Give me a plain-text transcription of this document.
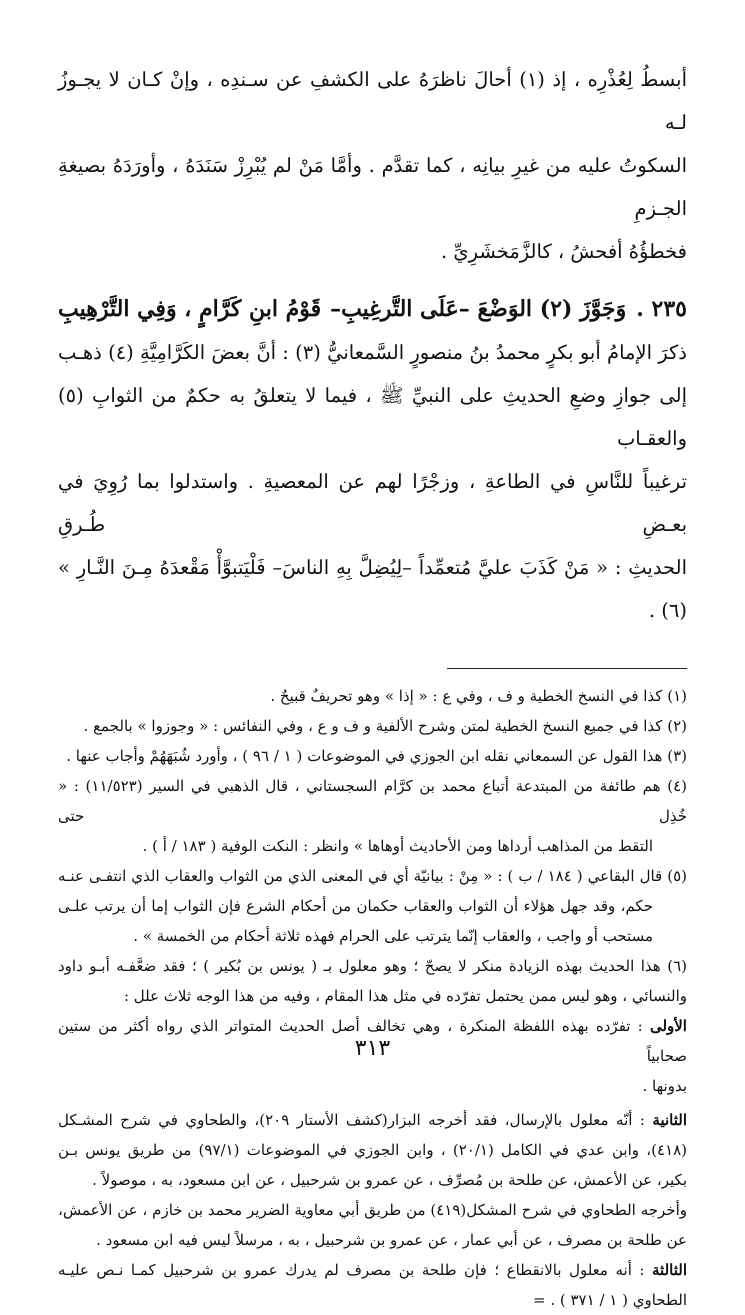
أبسطُ لِعُذْرِه ، إذ (١) أحالَ ناظرَهُ على الكشفِ عن سـندِه ، وإنْ كـان لا يجـوزُ لـه

السكوتُ عليه من غيرِ بيانِه ، كما تقدَّم . وأمَّا مَنْ لم يُبْرِزْ سَنَدَهُ ، وأورَدَهُ بصيغةِ الجـزمِ

فخطؤُهُ أفحشُ ، كالزَّمَخشَرِيِّ .

٢٣٥ .
وَجَوَّزَ (٢) الوَضْعَ –عَلَى التَّرغِيبِ–
قَوْمُ ابنِ كَرَّامٍ ، وَفِي التَّرْهِيبِ

ذكرَ الإمامُ أبو بكرٍ محمدُ بنُ منصورٍ السَّمعانيُّ (٣) : أنَّ بعضَ الكَرَّامِيَّةِ (٤) ذهـب

إلى جوازِ وضعِ الحديثِ على النبيِّ ﷺ ، فيما لا يتعلقُ به حكمٌ من الثوابِ (٥) والعقـاب

ترغيباً للنَّاسِ في الطاعةِ ، وزجْرًا لهم عن المعصيةِ . واستدلوا بما رُوِيَ في بعـضِ طُـرقِ

الحديثِ : « مَنْ كَذَبَ عليَّ مُتعمِّداً –لِيُضِلَّ بِهِ الناسَ– فَلْيَتبوَّأْ مَقْعدَهُ مِـنَ النَّـارِ » (٦) .

(١) كذا في النسخ الخطية و ف ، وفي ع : « إذا » وهو تحريفٌ قبيحٌ .

(٢) كذا في جميع النسخ الخطية لمتن وشرح الألفية و ف و ع ، وفي النفائس : « وجوزوا » بالجمع .

(٣) هذا القول عن السمعاني نقله ابن الجوزي في الموضوعات ( ١ / ٩٦ ) ، وأورد شُبَهَهُمْ وأجاب عنها .

(٤) هم طائفة من المبتدعة أتباع محمد بن كرَّام السجستاني ، قال الذهبي في السير (١١/٥٢٣) : « خُذِل حتى

التقط من المذاهب أرداها ومن الأحاديث أوهاها » وانظر : النكت الوفية ( ١٨٣ / أ ) .

(٥) قال البقاعي ( ١٨٤ / ب ) : « مِنْ : بيانيّة أي في المعنى الذي من الثواب والعقاب الذي انتفـى عنـه

حكم، وقد جهل هؤلاء أن الثواب والعقاب حكمان من أحكام الشرع فإن الثواب إما أن يرتب علـى

مستحب أو واجب ، والعقاب إنّما يترتب على الحرام فهذه ثلاثة أحكام من الخمسة » .

(٦) هذا الحديث بهذه الزيادة منكر لا يصحّ ؛ وهو معلول بـ ( يونس بن بُكير ) ؛ فقد ضعَّفـه أبـو داود

والنسائي ، وهو ليس ممن يحتمل تفرّده في مثل هذا المقام ، وفيه من هذا الوجه ثلاث علل :

الأولى : تفرّده بهذه اللفظة المنكرة ، وهي تخالف أصل الحديث المتواتر الذي رواه أكثر من ستين صحابياً

بدونها .

الثانية : أنّه معلول بالإرسال، فقد أخرجه البزار(كشف الأستار ٢٠٩)، والطحاوي في شرح المشـكل

(٤١٨)، وابن عدي في الكامل (٢٠/١) ، وابن الجوزي في الموضوعات (٩٧/١) من طريق يونس بـن

بكير، عن الأعمش، عن طلحة بن مُصرِّف ، عن عمرو بن شرحبيل ، عن ابن مسعود، به ، موصولاً .

وأخرجه الطحاوي في شرح المشكل(٤١٩) من طريق أبي معاوية الضرير محمد بن خازم ، عن الأعمش،

عن طلحة بن مصرف ، عن أبي عمار ، عن عمرو بن شرحبيل ، به ، مرسلاً ليس فيه ابن مسعود .

الثالثة : أنه معلول بالانقطاع ؛ فإن طلحة بن مصرف لم يدرك عمرو بن شرحبيل كمـا نـص عليـه

الطحاوي ( ١ / ٣٧١ ) . =

٣١٣
